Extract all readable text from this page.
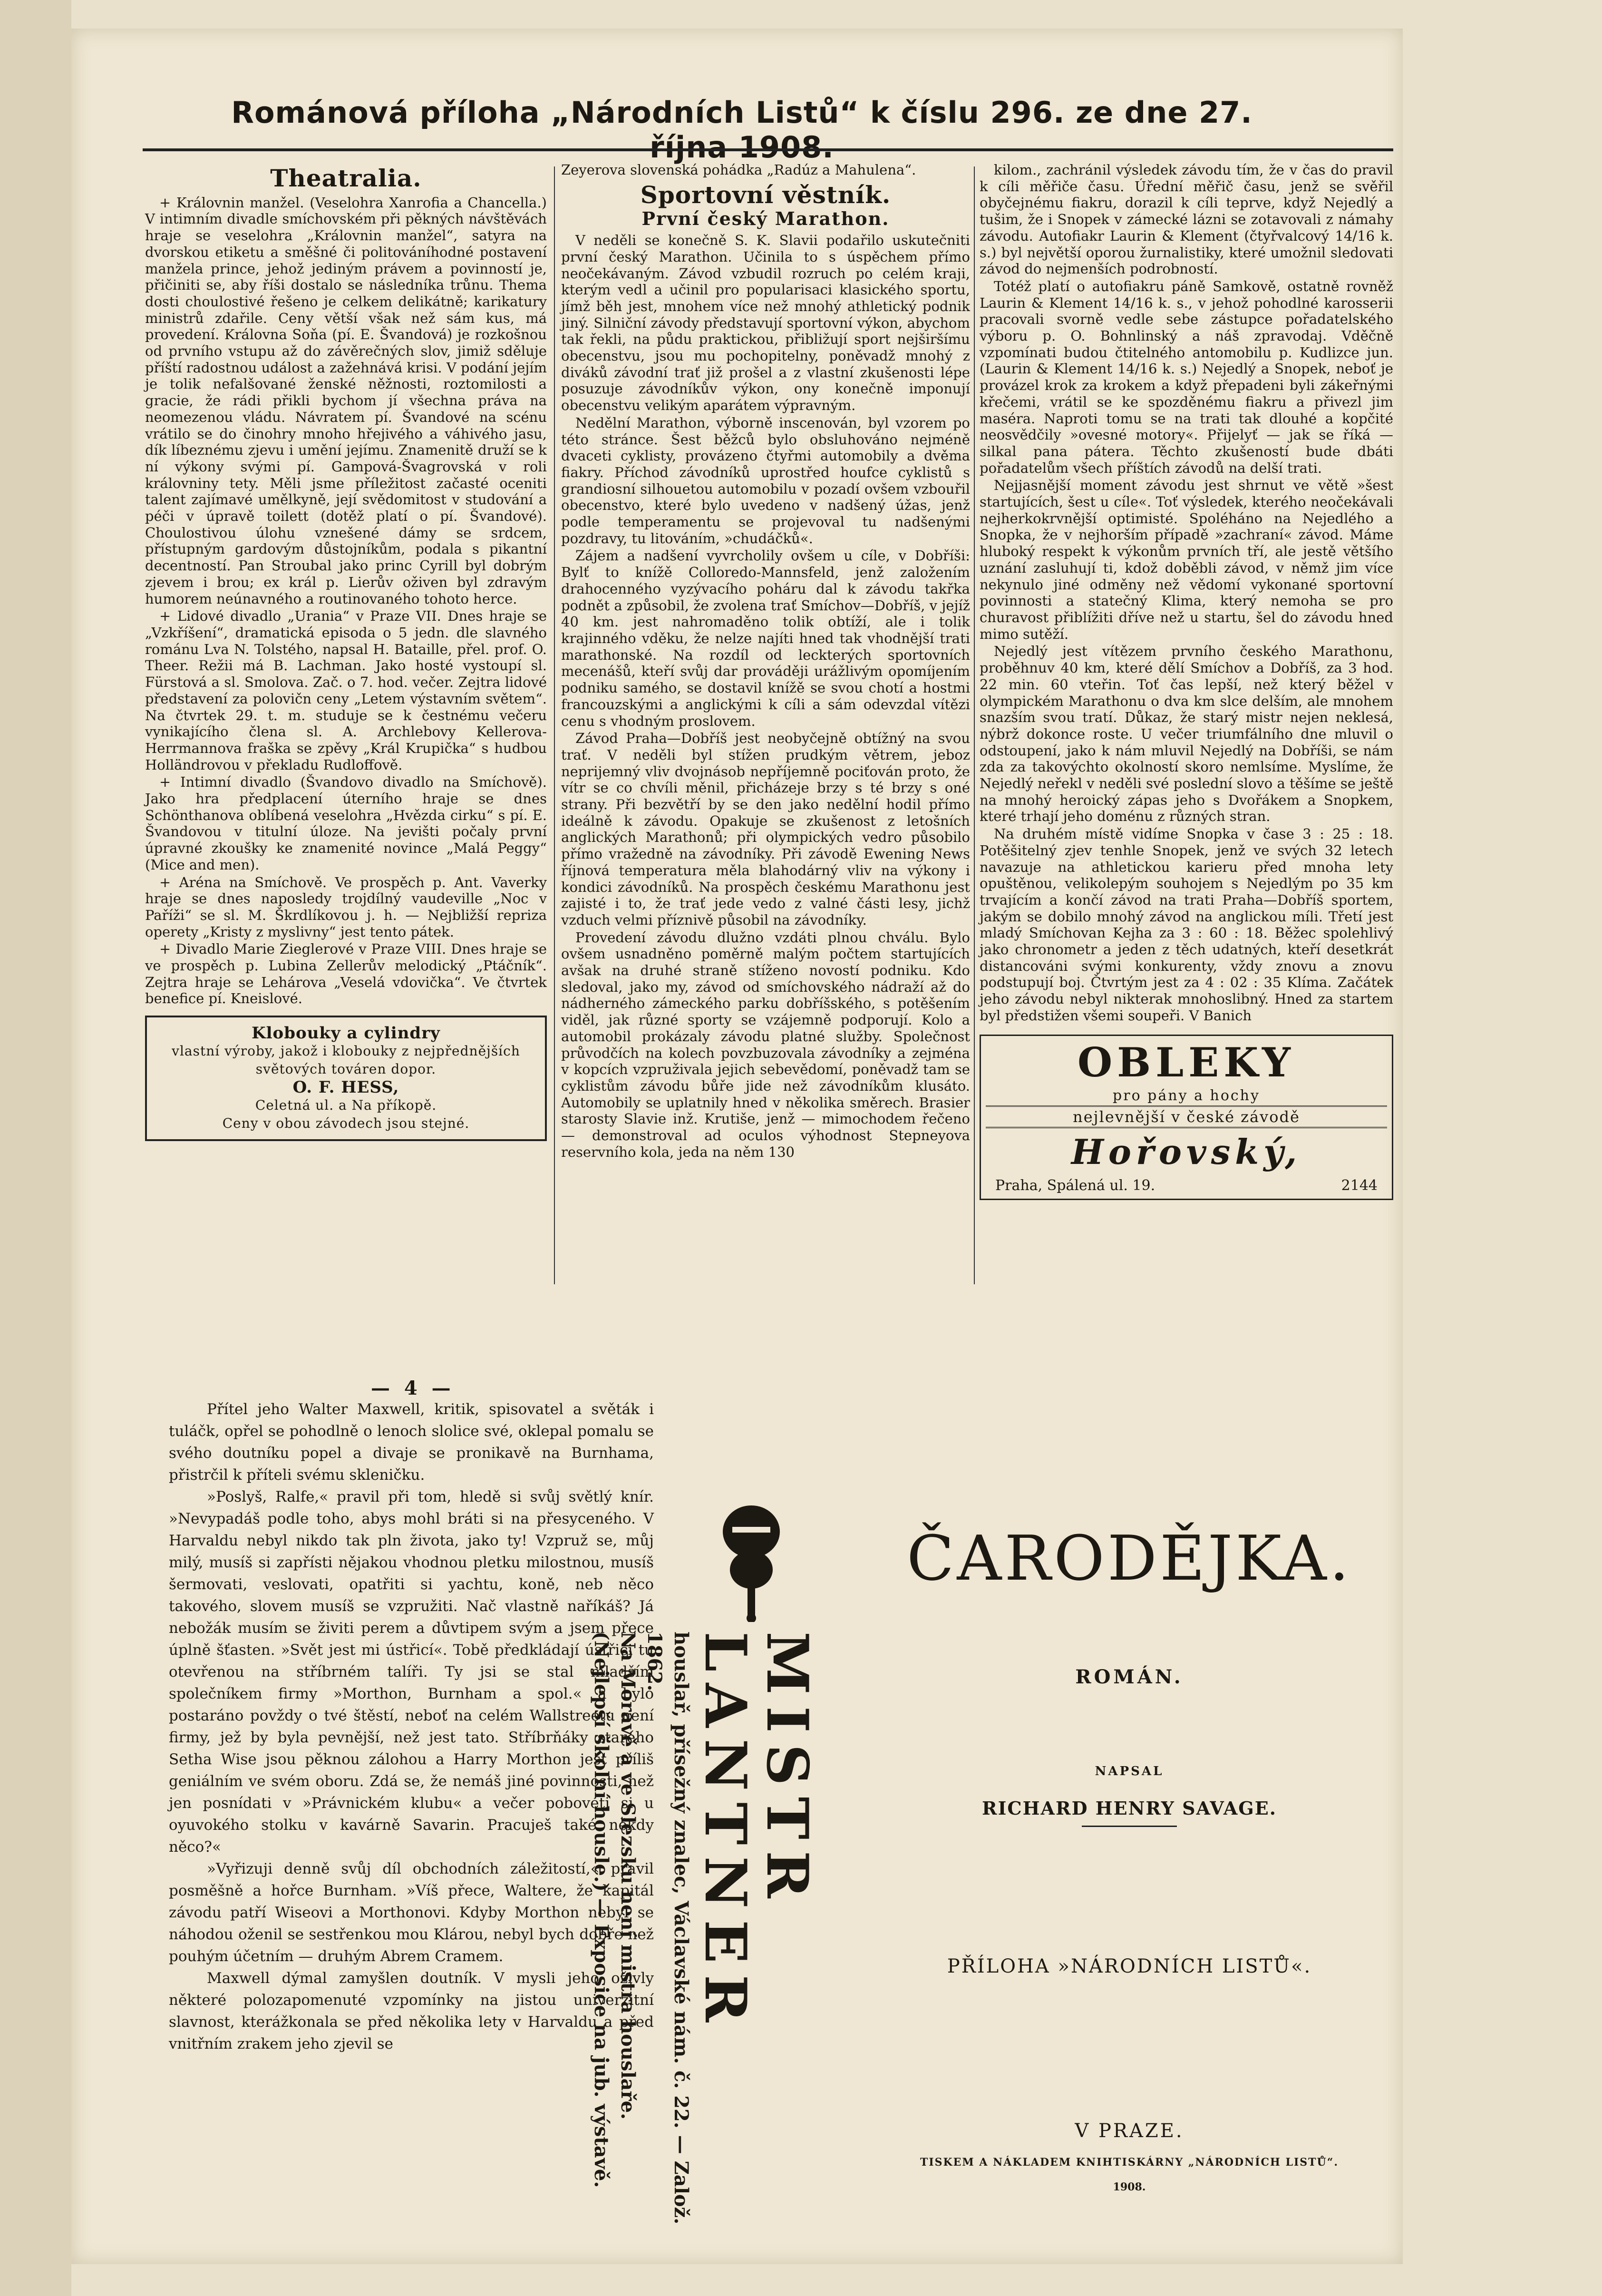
Románová příloha „Národních Listů“ k číslu 296. ze dne 27. října 1908.
Theatralia.

+ Královnin manžel. (Veselohra Xanrofia a Chancella.) V intimním divadle smíchovském při pěkných návštěvách hraje se veselohra „Královnin manžel“, satyra na dvorskou etiketu a směšné či politováníhodné postavení manžela prince, jehož jediným právem a povinností je, přičiniti se, aby říši dostalo se následníka trůnu. Thema dosti choulostivé řešeno je celkem delikátně; karikatury ministrů zdařile. Ceny větší však než sám kus, má provedení. Královna Soňa (pí. E. Švandová) je rozkošnou od prvního vstupu až do závěrečných slov, jimiž sděluje příští radostnou událost a zažehnává krisi. V podání jejím je tolik nefalšované ženské něžnosti, roztomilosti a gracie, že rádi přikli bychom jí všechna práva na neomezenou vládu. Návratem pí. Švandové na scénu vrátilo se do činohry mnoho hřejivého a váhivého jasu, dík líbeznému zjevu i umění jejímu. Znamenitě druží se k ní výkony svými pí. Gampová-Švagrovská v roli královniny tety. Měli jsme příležitost začasté oceniti talent zajímavé umělkyně, její svědomitost v studování a péči v úpravě toilett (dotěž platí o pí. Švandové). Choulostivou úlohu vznešené dámy se srdcem, přístupným gardovým důstojníkům, podala s pikantní decentností. Pan Stroubal jako princ Cyrill byl dobrým zjevem i brou; ex král p. Lierův oživen byl zdravým humorem neúnavného a routinovaného tohoto herce.

+ Lidové divadlo „Urania“ v Praze VII. Dnes hraje se „Vzkříšení“, dramatická episoda o 5 jedn. dle slavného románu Lva N. Tolstého, napsal H. Bataille, přel. prof. O. Theer. Režii má B. Lachman. Jako hosté vystoupí sl. Fürstová a sl. Smolova. Zač. o 7. hod. večer. Zejtra lidové představení za polovičn ceny „Letem výstavním světem“. Na čtvrtek 29. t. m. studuje se k čestnému večeru vynikajícího člena sl. A. Archlebovy Kellerova-Herrmannova fraška se zpěvy „Král Krupička“ s hudbou Holländrovou v překladu Rudloffově.

+ Intimní divadlo (Švandovo divadlo na Smíchově). Jako hra předplacení úterního hraje se dnes Schönthanova oblíbená veselohra „Hvězda cirku“ s pí. E. Švandovou v titulní úloze. Na jevišti počaly první úpravné zkoušky ke znamenité novince „Malá Peggy“ (Mice and men).

+ Aréna na Smíchově. Ve prospěch p. Ant. Vaverky hraje se dnes naposledy trojdílný vaudeville „Noc v Paříži“ se sl. M. Škrdlíkovou j. h. — Nejbližší repriza operety „Kristy z myslivny“ jest tento pátek.

+ Divadlo Marie Zieglerové v Praze VIII. Dnes hraje se ve prospěch p. Lubina Zellerův melodický „Ptáčník“. Zejtra hraje se Lehárova „Veselá vdovička“. Ve čtvrtek benefice pí. Kneislové.

Klobouky a cylindry
vlastní výroby, jakož i klobouky z nejpřednějších světových továren dopor.
O. F. HESS,
Celetná ul. a Na příkopě.
Ceny v obou závodech jsou stejné.
Zeyerova slovenská pohádka „Radúz a Mahulena“.
Sportovní věstník.
První český Marathon.

V neděli se konečně S. K. Slavii podařilo uskutečniti první český Marathon. Učinila to s úspěchem přímo neočekávaným. Závod vzbudil rozruch po celém kraji, kterým vedl a učinil pro popularisaci klasického sportu, jímž běh jest, mnohem více než mnohý athletický podnik jiný. Silniční závody představují sportovní výkon, abychom tak řekli, na půdu praktickou, přibližují sport nejširšímu obecenstvu, jsou mu pochopitelny, poněvadž mnohý z diváků závodní trať již prošel a z vlastní zkušenosti lépe posuzuje závodníkův výkon, ony konečně imponují obecenstvu velikým aparátem výpravným.

Nedělní Marathon, výborně inscenován, byl vzorem po této stránce. Šest běžců bylo obsluhováno nejméně dvaceti cyklisty, provázeno čtyřmi automobily a dvěma fiakry. Příchod závodníků uprostřed houfce cyklistů s grandiosní silhouetou automobilu v pozadí ovšem vzbouřil obecenstvo, které bylo uvedeno v nadšený úžas, jenž podle temperamentu se projevoval tu nadšenými pozdravy, tu litováním, »chudáčků«.

Zájem a nadšení vyvrcholily ovšem u cíle, v Dobříši: Bylť to knížě Colloredo-Mannsfeld, jenž založením drahocenného vyzývacího poháru dal k závodu takřka podnět a způsobil, že zvolena trať Smíchov—Dobříš, v jejíž 40 km. jest nahromaděno tolik obtíží, ale i tolik krajinného vděku, že nelze najíti hned tak vhodnější trati marathonské. Na rozdíl od leckterých sportovních mecenášů, kteří svůj dar prováději urážlivým opomíjením podniku samého, se dostavil knížě se svou chotí a hostmi francouzskými a anglickými k cíli a sám odevzdal vítězi cenu s vhodným proslovem.

Závod Praha—Dobříš jest neobyčejně obtížný na svou trať. V neděli byl stížen prudkým větrem, jeboz neprijemný vliv dvojnásob nepříjemně pociťován proto, že vítr se co chvíli měnil, přicházeje brzy s té brzy s oné strany. Při bezvětří by se den jako nedělní hodil přímo ideálně k závodu. Opakuje se zkušenost z letošních anglických Marathonů; při olympických vedro působilo přímo vražedně na závodníky. Při závodě Ewening News říjnová temperatura měla blahodárný vliv na výkony i kondici závodníků. Na prospěch českému Marathonu jest zajisté i to, že trať jede vedo z valné části lesy, jichž vzduch velmi příznivě působil na závodníky.

Provedení závodu dlužno vzdáti plnou chválu. Bylo ovšem usnadněno poměrně malým počtem startujících avšak na druhé straně stíženo novostí podniku. Kdo sledoval, jako my, závod od smíchovského nádraží až do nádherného zámeckého parku dobříšského, s potěšením viděl, jak různé sporty se vzájemně podporují. Kolo a automobil prokázaly závodu platné služby. Společnost průvodčích na kolech povzbuzovala závodníky a zejména v kopcích vzpruživala jejich sebevědomí, poněvadž tam se cyklistům závodu bůře jide než závodníkům klusáto. Automobily se uplatnily hned v několika směrech. Brasier starosty Slavie inž. Krutiše, jenž — mimochodem řečeno — demonstroval ad oculos výhodnost Stepneyova reservního kola, jeda na něm 130

kilom., zachránil výsledek závodu tím, že v čas do pravil k cíli měřiče času. Úřední měřič času, jenž se svěřil obyčejnému fiakru, dorazil k cíli teprve, když Nejedlý a tušim, že i Snopek v zámecké lázni se zotavovali z námahy závodu. Autofiakr Laurin & Klement (čtyřvalcový 14/16 k. s.) byl největší oporou žurnalistiky, které umožnil sledovati závod do nejmenších podrobností.

Totéž platí o autofiakru páně Samkově, ostatně rovněž Laurin & Klement 14/16 k. s., v jehož pohodlné karosserii pracovali svorně vedle sebe zástupce pořadatelského výboru p. O. Bohnlinský a náš zpravodaj. Vděčně vzpomínati budou čtitelného antomobilu p. Kudlizce jun. (Laurin & Klement 14/16 k. s.) Nejedlý a Snopek, neboť je provázel krok za krokem a když přepadeni byli zákeřnými křečemi, vrátil se ke spozděnému fiakru a přivezl jim maséra. Naproti tomu se na trati tak dlouhé a kopčité neosvědčily »ovesné motory«. Přijelyť — jak se říká — silkal pana pátera. Těchto zkušeností bude dbáti pořadatelům všech příštích závodů na delší trati.

Nejjasnější moment závodu jest shrnut ve větě »šest startujících, šest u cíle«. Toť výsledek, kterého neočekávali nejherkokrvnější optimisté. Spoléháno na Nejedlého a Snopka, že v nejhorším případě »zachraní« závod. Máme hluboký respekt k výkonům prvních tří, ale jestě většího uznání zasluhují ti, kdož doběbli závod, v němž jim více nekynulo jiné odměny než vědomí vykonané sportovní povinnosti a statečný Klima, který nemoha se pro churavost přiblížiti dříve než u startu, šel do závodu hned mimo sutěží.

Nejedlý jest vítězem prvního českého Marathonu, proběhnuv 40 km, které dělí Smíchov a Dobříš, za 3 hod. 22 min. 60 vteřin. Toť čas lepší, než který běžel v olympickém Marathonu o dva km slce delším, ale mnohem snazším svou tratí. Důkaz, že starý mistr nejen neklesá, nýbrž dokonce roste. U večer triumfálního dne mluvil o odstoupení, jako k nám mluvil Nejedlý na Dobříši, se nám zda za takovýchto okolností skoro nemlsíme. Myslíme, že Nejedlý neřekl v neděli své poslední slovo a těšíme se ještě na mnohý heroický zápas jeho s Dvořákem a Snopkem, které trhají jeho doménu z různých stran.

Na druhém místě vidíme Snopka v čase 3 : 25 : 18. Potěšitelný zjev tenhle Snopek, jenž ve svých 32 letech navazuje na athletickou karieru před mnoha lety opuštěnou, velikolepým souhojem s Nejedlým po 35 km trvajícím a končí závod na trati Praha—Dobříš sportem, jakým se dobilo mnohý závod na anglickou míli. Třetí jest mladý Smíchovan Kejha za 3 : 60 : 18. Běžec spolehlivý jako chronometr a jeden z těch udatných, kteří desetkrát distancováni svými konkurenty, vždy znovu a znovu podstupují boj. Čtvrtým jest za 4 : 02 : 35 Klíma. Začátek jeho závodu nebyl nikterak mnohoslibný. Hned za startem byl předstižen všemi soupeři. V Banich

OBLEKY
pro pány a hochy
nejlevnější v české závodě
Hořovský,
Praha, Spálená ul. 19.	2144
— 4 —

Přítel jeho Walter Maxwell, kritik, spisovatel a světák i tuláčk, opřel se pohodlně o lenoch slolice své, oklepal pomalu se svého doutníku popel a divaje se pronikavě na Burnhama, přistrčil k příteli svému skleničku.

»Poslyš, Ralfe,« pravil při tom, hledě si svůj světlý knír. »Nevypadáš podle toho, abys mohl bráti si na přesyceného. V Harvaldu nebyl nikdo tak pln života, jako ty! Vzpruž se, můj milý, musíš si zapřísti nějakou vhodnou pletku milostnou, musíš šermovati, veslovati, opatřiti si yachtu, koně, neb něco takového, slovem musíš se vzpružiti. Nač vlastně naříkáš? Já nebožák musím se živiti perem a důvtipem svým a jsem přece úplně šťasten. »Svět jest mi ústřicí«. Tobě předkládají ústřici tu otevřenou na stříbrném talíři. Ty jsi se stal mladším společníkem firmy »Morthon, Burnham a spol.« a bylo postaráno povždy o tvé štěstí, neboť na celém Wallstreetu není firmy, jež by byla pevnější, než jest tato. Stříbrňáky starého Setha Wise jsou pěknou zálohou a Harry Morthon jest příliš geniálním ve svém oboru. Zdá se, že nemáš jiné povinnosti, než jen posnídati v »Právnickém klubu« a večer pobovéti si u oyuvokého stolku v kavárně Savarin. Pracuješ také někdy něco?«

»Vyřizuji denně svůj díl obchodních záležitostí,« pravil posměšně a hořce Burnham. »Víš přece, Waltere, že kapitál závodu patří Wiseovi a Morthonovi. Kdyby Morthon nebyl se náhodou oženil se sestřenkou mou Klárou, nebyl bych dobře než pouhým účetním — druhým Abrem Cramem.

Maxwell dýmal zamyšlen doutník. V mysli jeho oživly některé polozapomenuté vzpomínky na jistou univerzitní slavnost, kterážkonala se před několika lety v Harvaldu a před vnitřním zrakem jeho zjevil se

MISTR LANTNER
houslař, přísežný znalec, Václavské nám. č. 22. — Založ. 1862.
Na Moravě a ve Slezsku není mistra houslaře.
(Nejlepší školní housle.) — Exposice na jub. výstavě.
ČARODĚJKA.
ROMÁN.
NAPSAL
RICHARD HENRY SAVAGE.
PŘÍLOHA »NÁRODNÍCH LISTŮ«.
V PRAZE.
TISKEM A NÁKLADEM KNIHTISKÁRNY „NÁRODNÍCH LISTŮ“.
1908.
